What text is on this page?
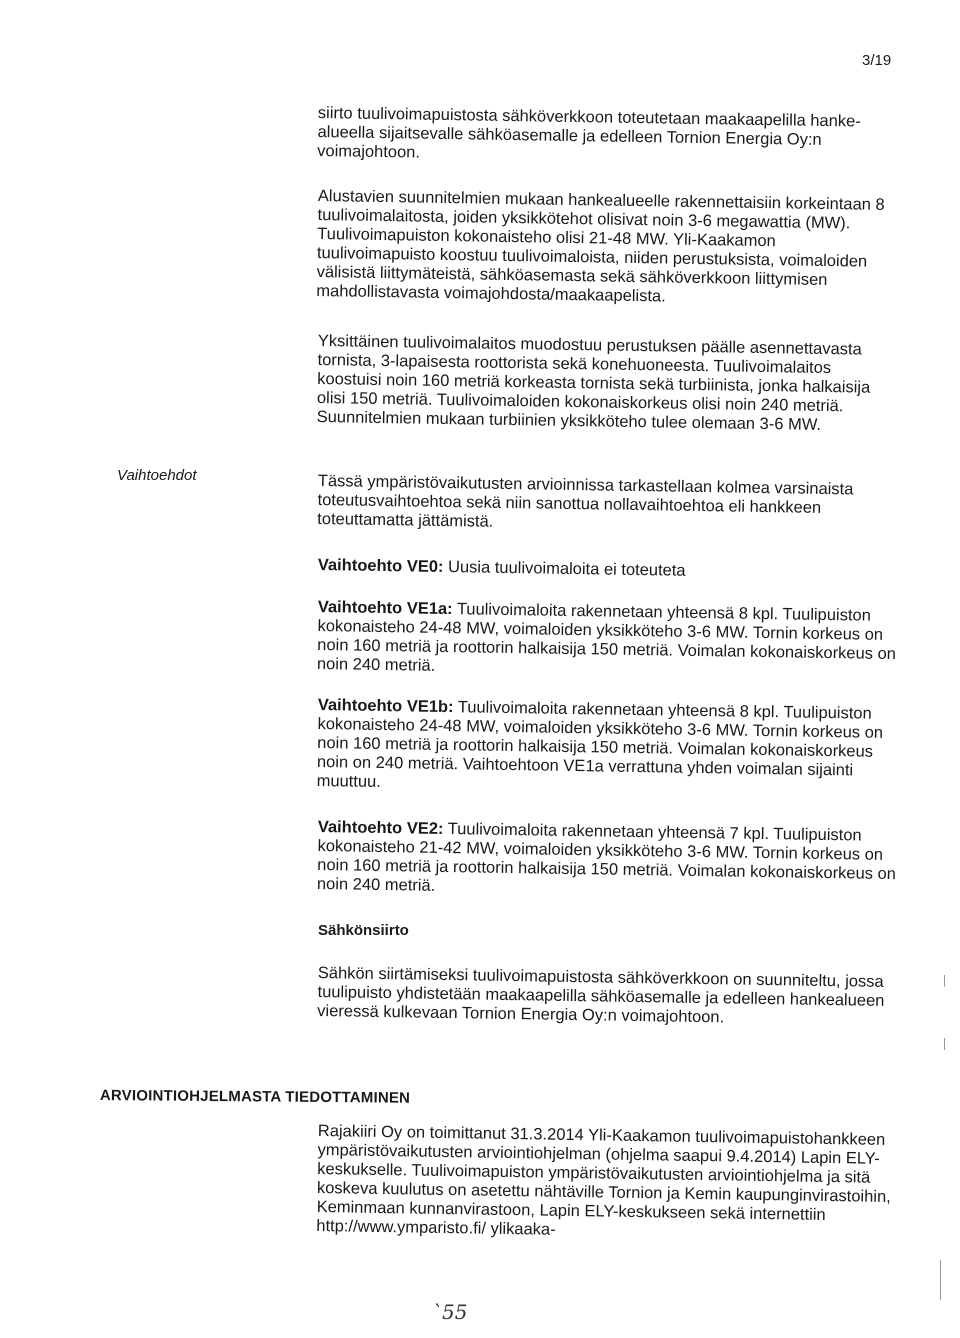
3/19

siirto tuulivoimapuistosta sähköverkkoon toteutetaan maakaapelilla hanke-alueella sijaitsevalle sähköasemalle ja edelleen Tornion Energia Oy:n voimajohtoon.

Alustavien suunnitelmien mukaan hankealueelle rakennettaisiin korkeintaan 8 tuulivoimalaitosta, joiden yksikkötehot olisivat noin 3-6 megawattia (MW). Tuulivoimapuiston kokonaisteho olisi 21-48 MW. Yli-Kaakamon tuulivoimapuisto koostuu tuulivoimaloista, niiden perustuksista, voimaloiden välisistä liittymäteistä, sähköasemasta sekä sähköverkkoon liittymisen mahdollistavasta voimajohdosta/maakaapelista.

Yksittäinen tuulivoimalaitos muodostuu perustuksen päälle asennettavasta tornista, 3-lapaisesta roottorista sekä konehuoneesta. Tuulivoimalaitos koostuisi noin 160 metriä korkeasta tornista sekä turbiinista, jonka halkaisija olisi 150 metriä. Tuulivoimaloiden kokonaiskorkeus olisi noin 240 metriä. Suunnitelmien mukaan turbiinien yksikköteho tulee olemaan 3-6 MW.

Vaihtoehdot	Tässä ympäristövaikutusten arvioinnissa tarkastellaan kolmea varsinaista toteutusvaihtoehtoa sekä niin sanottua nollavaihtoehtoa eli hankkeen toteuttamatta jättämistä.

Vaihtoehto VE0: Uusia tuulivoimaloita ei toteuteta

Vaihtoehto VE1a: Tuulivoimaloita rakennetaan yhteensä 8 kpl. Tuulipuiston kokonaisteho 24-48 MW, voimaloiden yksikköteho 3-6 MW. Tornin korkeus on noin 160 metriä ja roottorin halkaisija 150 metriä. Voimalan kokonaiskorkeus on noin 240 metriä.

Vaihtoehto VE1b: Tuulivoimaloita rakennetaan yhteensä 8 kpl. Tuulipuiston kokonaisteho 24-48 MW, voimaloiden yksikköteho 3-6 MW. Tornin korkeus on noin 160 metriä ja roottorin halkaisija 150 metriä. Voimalan kokonaiskorkeus noin on 240 metriä. Vaihtoehtoon VE1a verrattuna yhden voimalan sijainti muuttuu.

Vaihtoehto VE2: Tuulivoimaloita rakennetaan yhteensä 7 kpl. Tuulipuiston kokonaisteho 21-42 MW, voimaloiden yksikköteho 3-6 MW. Tornin korkeus on noin 160 metriä ja roottorin halkaisija 150 metriä. Voimalan kokonaiskorkeus on noin 240 metriä.

Sähkönsiirto

Sähkön siirtämiseksi tuulivoimapuistosta sähköverkkoon on suunniteltu, jossa tuulipuisto yhdistetään maakaapelilla sähköasemalle ja edelleen hankealueen vieressä kulkevaan Tornion Energia Oy:n voimajohtoon.

ARVIOINTIOHJELMASTA TIEDOTTAMINEN

Rajakiiri Oy on toimittanut 31.3.2014 Yli-Kaakamon tuulivoimapuistohankkeen ympäristövaikutusten arviointiohjelman (ohjelma saapui 9.4.2014) Lapin ELY-keskukselle. Tuulivoimapuiston ympäristövaikutusten arviointiohjelma ja sitä koskeva kuulutus on asetettu nähtäville Tornion ja Kemin kaupunginvirastoihin, Keminmaan kunnanvirastoon, Lapin ELY-keskukseen sekä internettiin http://www.ymparisto.fi/ ylikaaka-

`55
